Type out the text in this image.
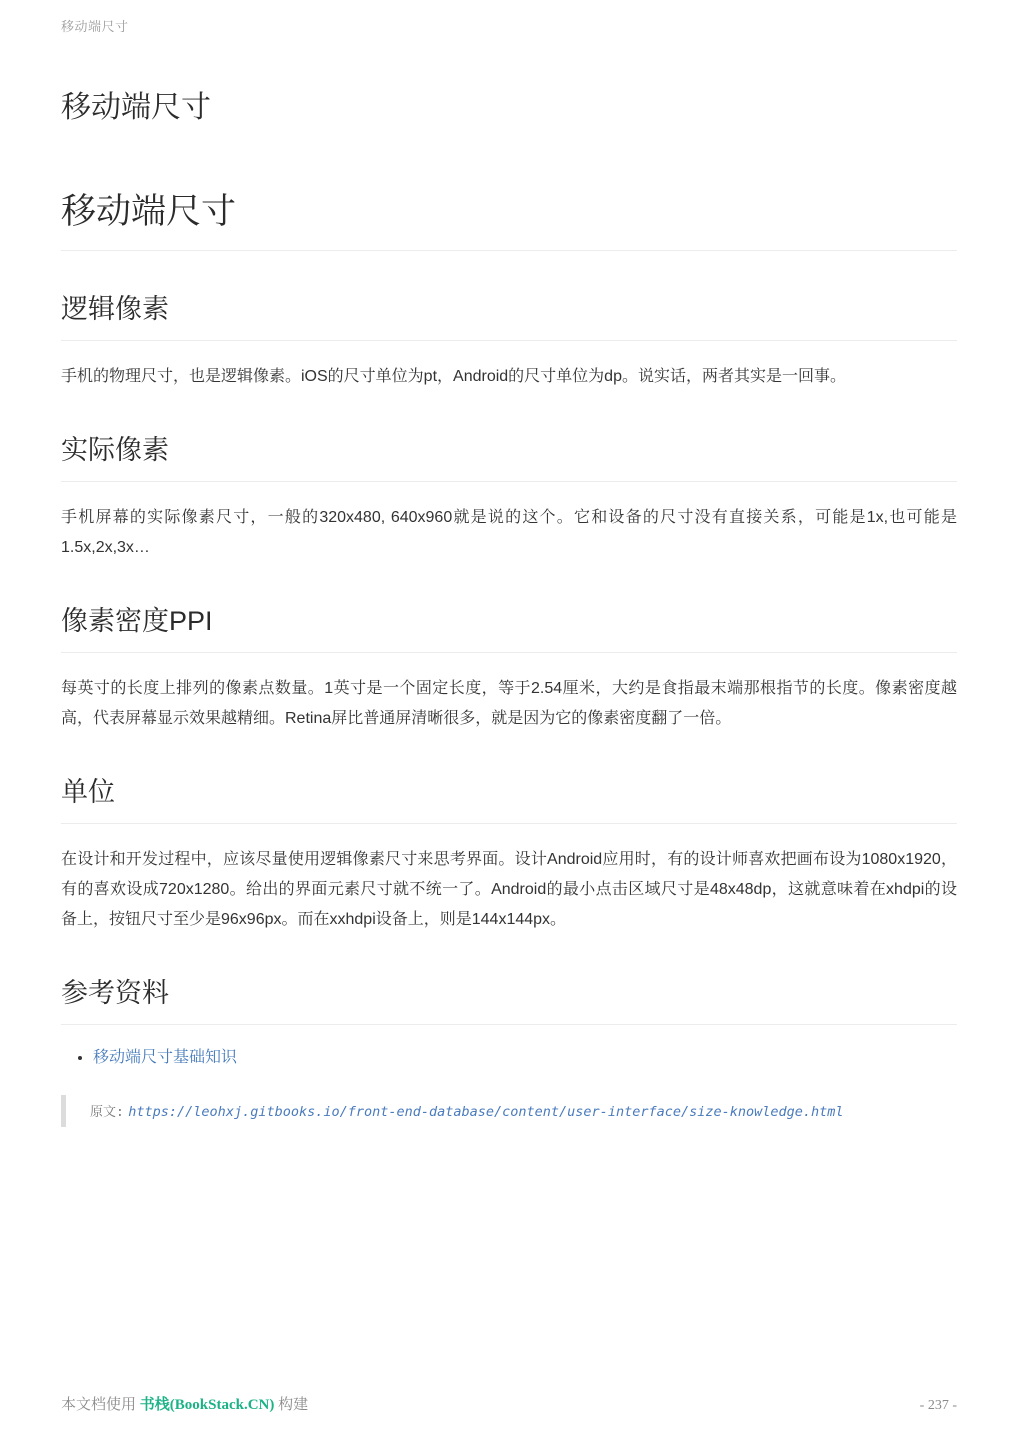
移动端尺寸
移动端尺寸
移动端尺寸
逻辑像素

手机的物理尺寸，也是逻辑像素。iOS的尺寸单位为pt，Android的尺寸单位为dp。说实话，两者其实是一回事。

实际像素

手机屏幕的实际像素尺寸，一般的320x480, 640x960就是说的这个。它和设备的尺寸没有直接关系，可能是1x,也可能是1.5x,2x,3x…

像素密度PPI

每英寸的长度上排列的像素点数量。1英寸是一个固定长度，等于2.54厘米，大约是食指最末端那根指节的长度。像素密度越高，代表屏幕显示效果越精细。Retina屏比普通屏清晰很多，就是因为它的像素密度翻了一倍。

单位

在设计和开发过程中，应该尽量使用逻辑像素尺寸来思考界面。设计Android应用时，有的设计师喜欢把画布设为1080x1920，有的喜欢设成720x1280。给出的界面元素尺寸就不统一了。Android的最小点击区域尺寸是48x48dp，这就意味着在xhdpi的设备上，按钮尺寸至少是96x96px。而在xxhdpi设备上，则是144x144px。

参考资料
• 移动端尺寸基础知识
原文: https://leohxj.gitbooks.io/front-end-database/content/user-interface/size-knowledge.html
本文档使用 书栈(BookStack.CN) 构建	- 237 -
